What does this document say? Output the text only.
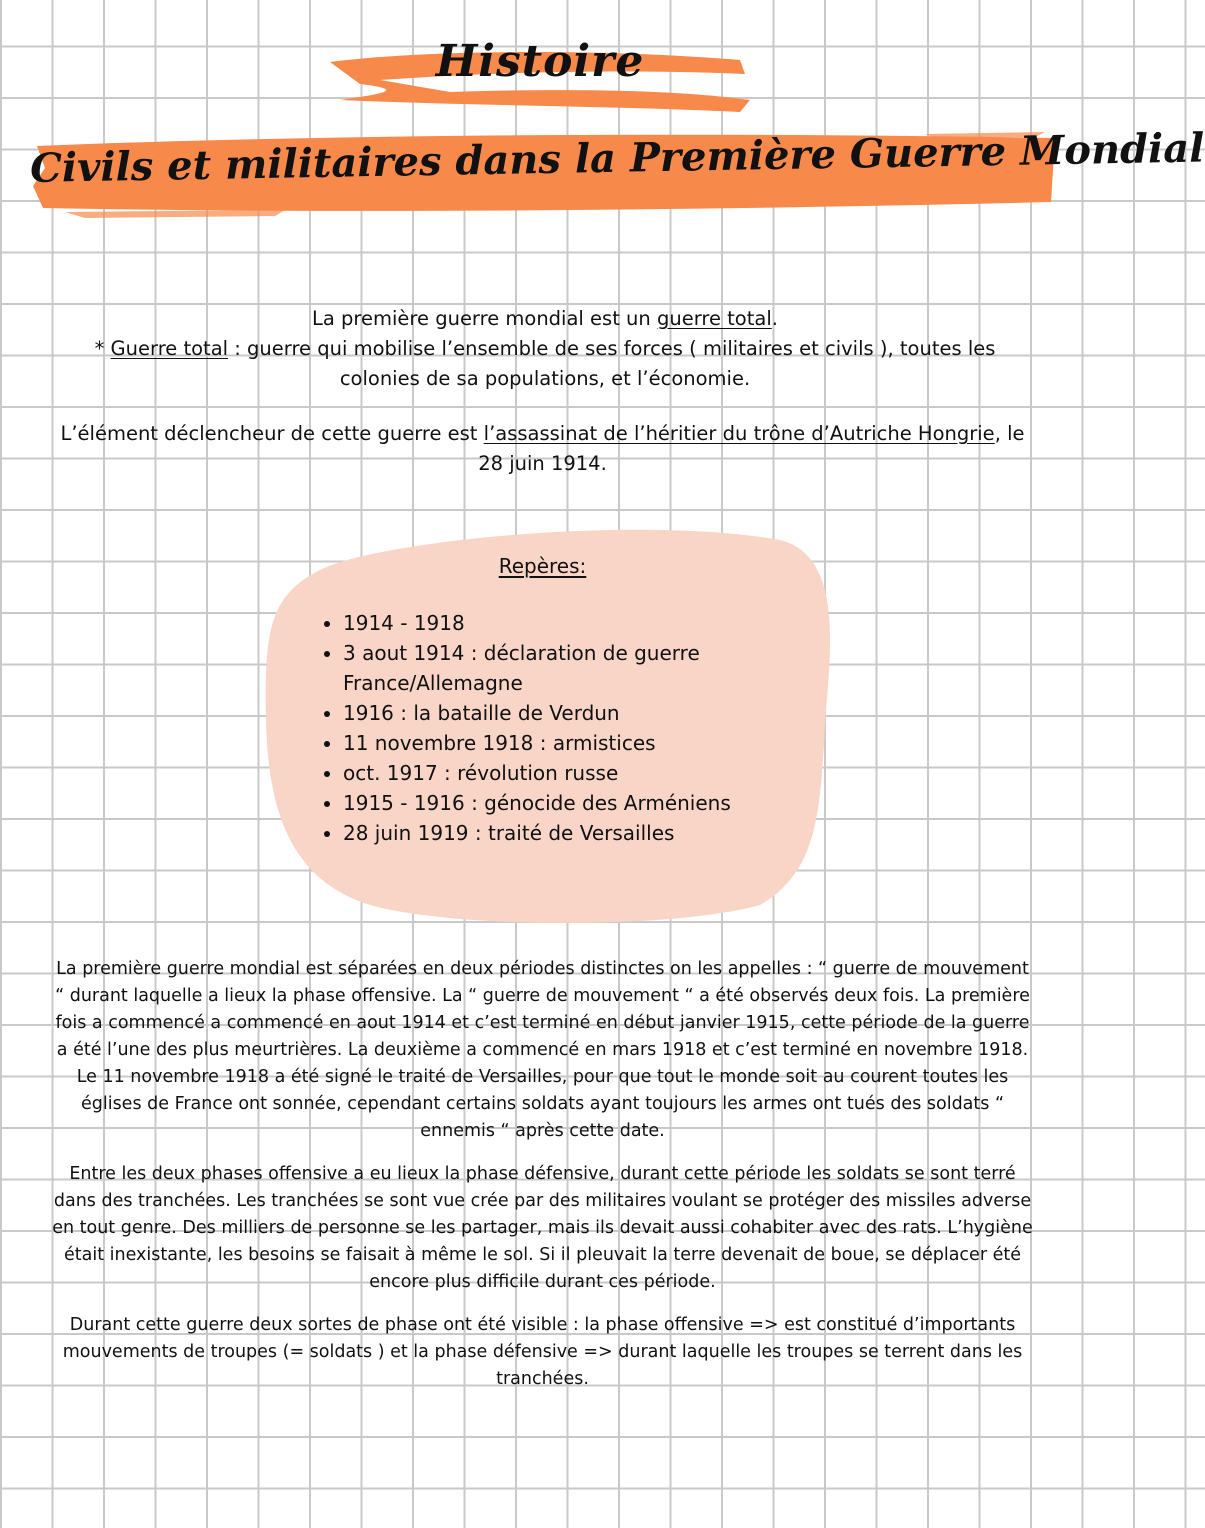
Histoire
Civils et militaires dans la Première Guerre Mondial
La première guerre mondial est un guerre total.
* Guerre total : guerre qui mobilise l’ensemble de ses forces ( militaires et civils ), toutes les colonies de sa populations, et l’économie.
L’élément déclencheur de cette guerre est l’assassinat de l’héritier du trône d’Autriche Hongrie, le 28 juin 1914.
Repères:
• 1914 - 1918
• 3 aout 1914 : déclaration de guerre France/Allemagne
• 1916 : la bataille de Verdun
• 11 novembre 1918 : armistices
• oct. 1917 : révolution russe
• 1915 - 1916 : génocide des Arméniens
• 28 juin 1919 : traité de Versailles
La première guerre mondial est séparées en deux périodes distinctes on les appelles : “ guerre de mouvement “ durant laquelle a lieux la phase offensive. La “ guerre de mouvement “ a été observés deux fois. La première fois a commencé a commencé en aout 1914 et c’est terminé en début janvier 1915, cette période de la guerre a été l’une des plus meurtrières. La deuxième a commencé en mars 1918 et c’est terminé en novembre 1918. Le 11 novembre 1918 a été signé le traité de Versailles, pour que tout le monde soit au courent toutes les églises de France ont sonnée, cependant certains soldats ayant toujours les armes ont tués des soldats “ ennemis “ après cette date.
Entre les deux phases offensive a eu lieux la phase défensive, durant cette période les soldats se sont terré dans des tranchées. Les tranchées se sont vue crée par des militaires voulant se protéger des missiles adverse en tout genre. Des milliers de personne se les partager, mais ils devait aussi cohabiter avec des rats. L’hygiène était inexistante, les besoins se faisait à même le sol. Si il pleuvait la terre devenait de boue, se déplacer été encore plus difficile durant ces période.
Durant cette guerre deux sortes de phase ont été visible : la phase offensive => est constitué d’importants mouvements de troupes (= soldats ) et la phase défensive => durant laquelle les troupes se terrent dans les tranchées.
